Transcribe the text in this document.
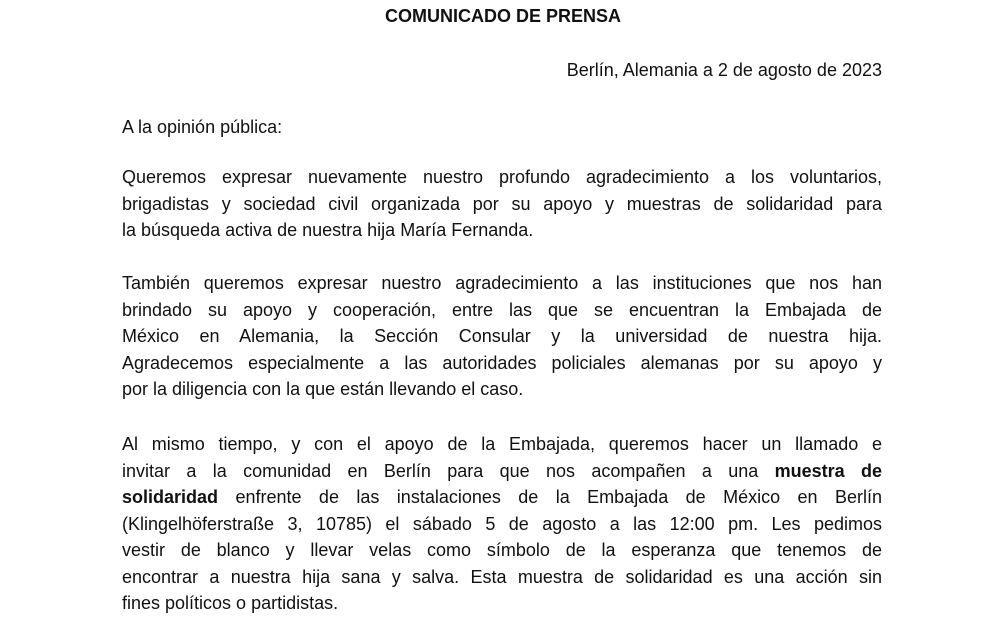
COMUNICADO DE PRENSA

Berlín, Alemania a 2 de agosto de 2023

A la opinión pública:

Queremos expresar nuevamente nuestro profundo agradecimiento a los voluntarios,
brigadistas y sociedad civil organizada por su apoyo y muestras de solidaridad para
la búsqueda activa de nuestra hija María Fernanda.

También queremos expresar nuestro agradecimiento a las instituciones que nos han
brindado su apoyo y cooperación, entre las que se encuentran la Embajada de
México en Alemania, la Sección Consular y la universidad de nuestra hija.
Agradecemos especialmente a las autoridades policiales alemanas por su apoyo y
por la diligencia con la que están llevando el caso.

Al mismo tiempo, y con el apoyo de la Embajada, queremos hacer un llamado e
invitar a la comunidad en Berlín para que nos acompañen a una muestra de
solidaridad enfrente de las instalaciones de la Embajada de México en Berlín
(Klingelhöferstraße 3, 10785) el sábado 5 de agosto a las 12:00 pm. Les pedimos
vestir de blanco y llevar velas como símbolo de la esperanza que tenemos de
encontrar a nuestra hija sana y salva. Esta muestra de solidaridad es una acción sin
fines políticos o partidistas.
